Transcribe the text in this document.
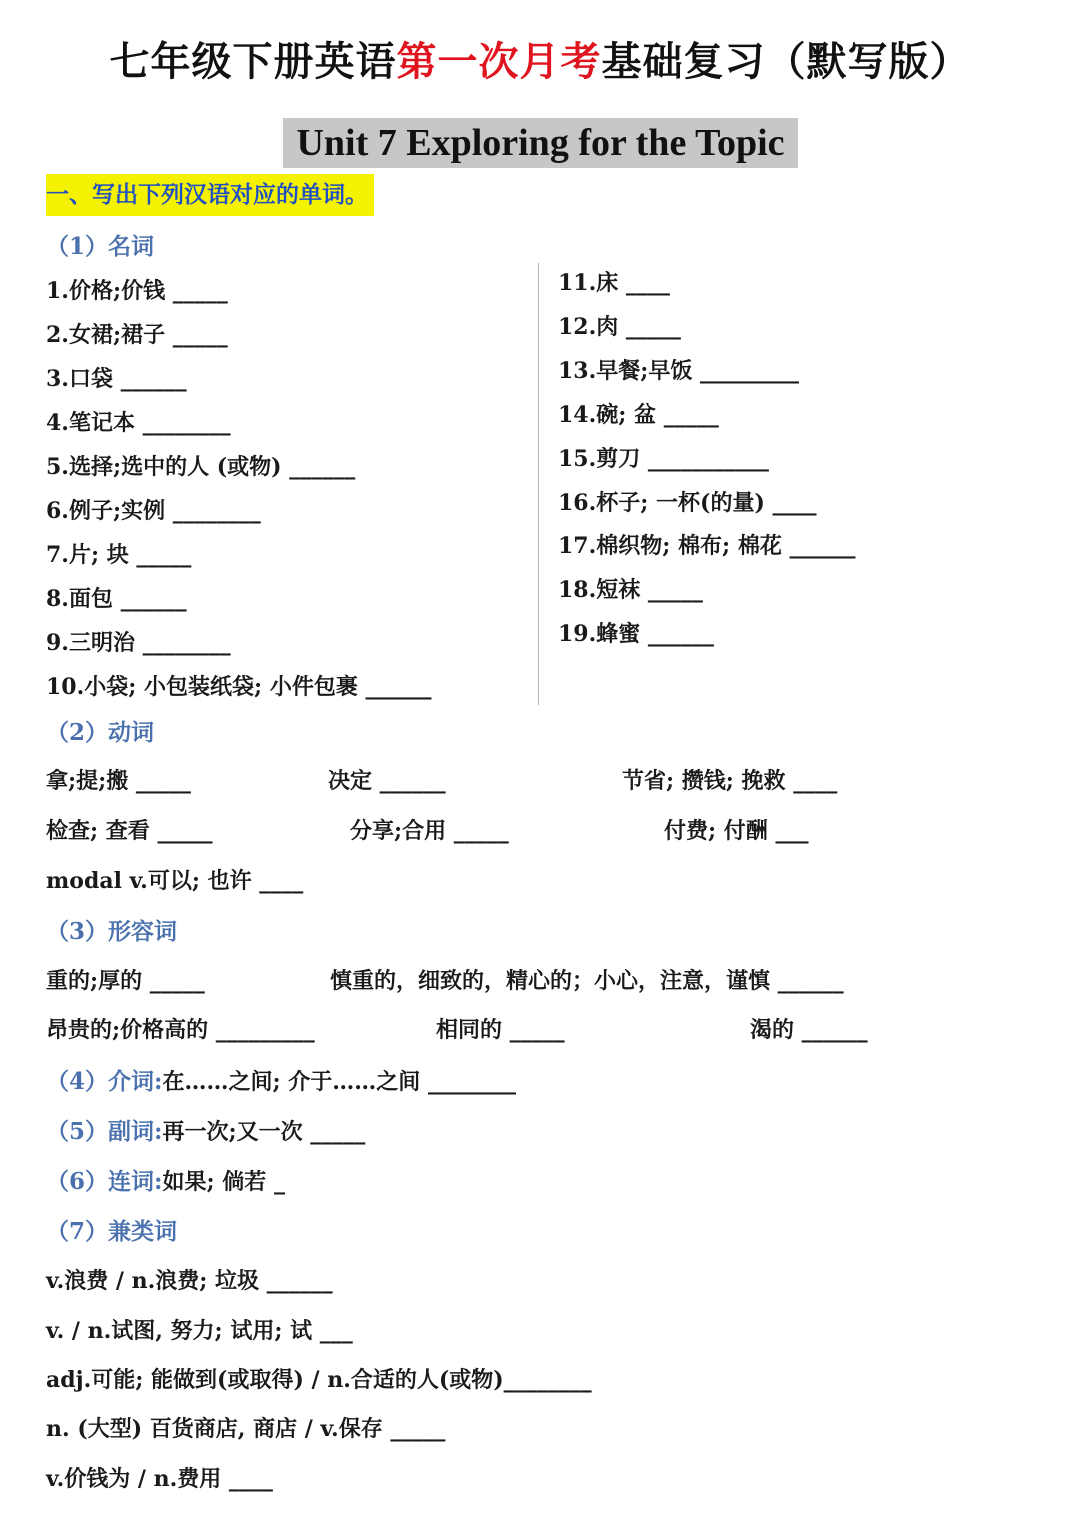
七年级下册英语第一次月考基础复习（默写版）
Unit 7 Exploring for the Topic
一、写出下列汉语对应的单词。
（1）名词
1.价格;价钱 _____
2.女裙;裙子 _____
3.口袋 ______
4.笔记本 ________
5.选择;选中的人 (或物) ______
6.例子;实例 ________
7.片; 块 _____
8.面包 ______
9.三明治 ________
10.小袋; 小包装纸袋; 小件包裹 ______
11.床 ____
12.肉 _____
13.早餐;早饭 _________
14.碗; 盆 _____
15.剪刀 ___________
16.杯子; 一杯(的量) ____
17.棉织物; 棉布; 棉花 ______
18.短袜 _____
19.蜂蜜 ______
（2）动词
拿;提;搬 _____	决定 ______	节省; 攒钱; 挽救 ____
检查; 查看 _____	分享;合用 _____	付费; 付酬 ___
modal v.可以; 也许 ____
（3）形容词
重的;厚的 _____	慎重的，细致的，精心的；小心，注意，谨慎 ______
昂贵的;价格高的 _________	相同的 _____	渴的 ______
（4）介词:在……之间; 介于……之间 ________
（5）副词:再一次;又一次 _____
（6）连词:如果; 倘若 _
（7）兼类词
v.浪费 / n.浪费; 垃圾 ______
v. / n.试图, 努力; 试用; 试 ___
adj.可能; 能做到(或取得) / n.合适的人(或物)________
n. (大型) 百货商店, 商店 / v.保存 _____
v.价钱为 / n.费用 ____
